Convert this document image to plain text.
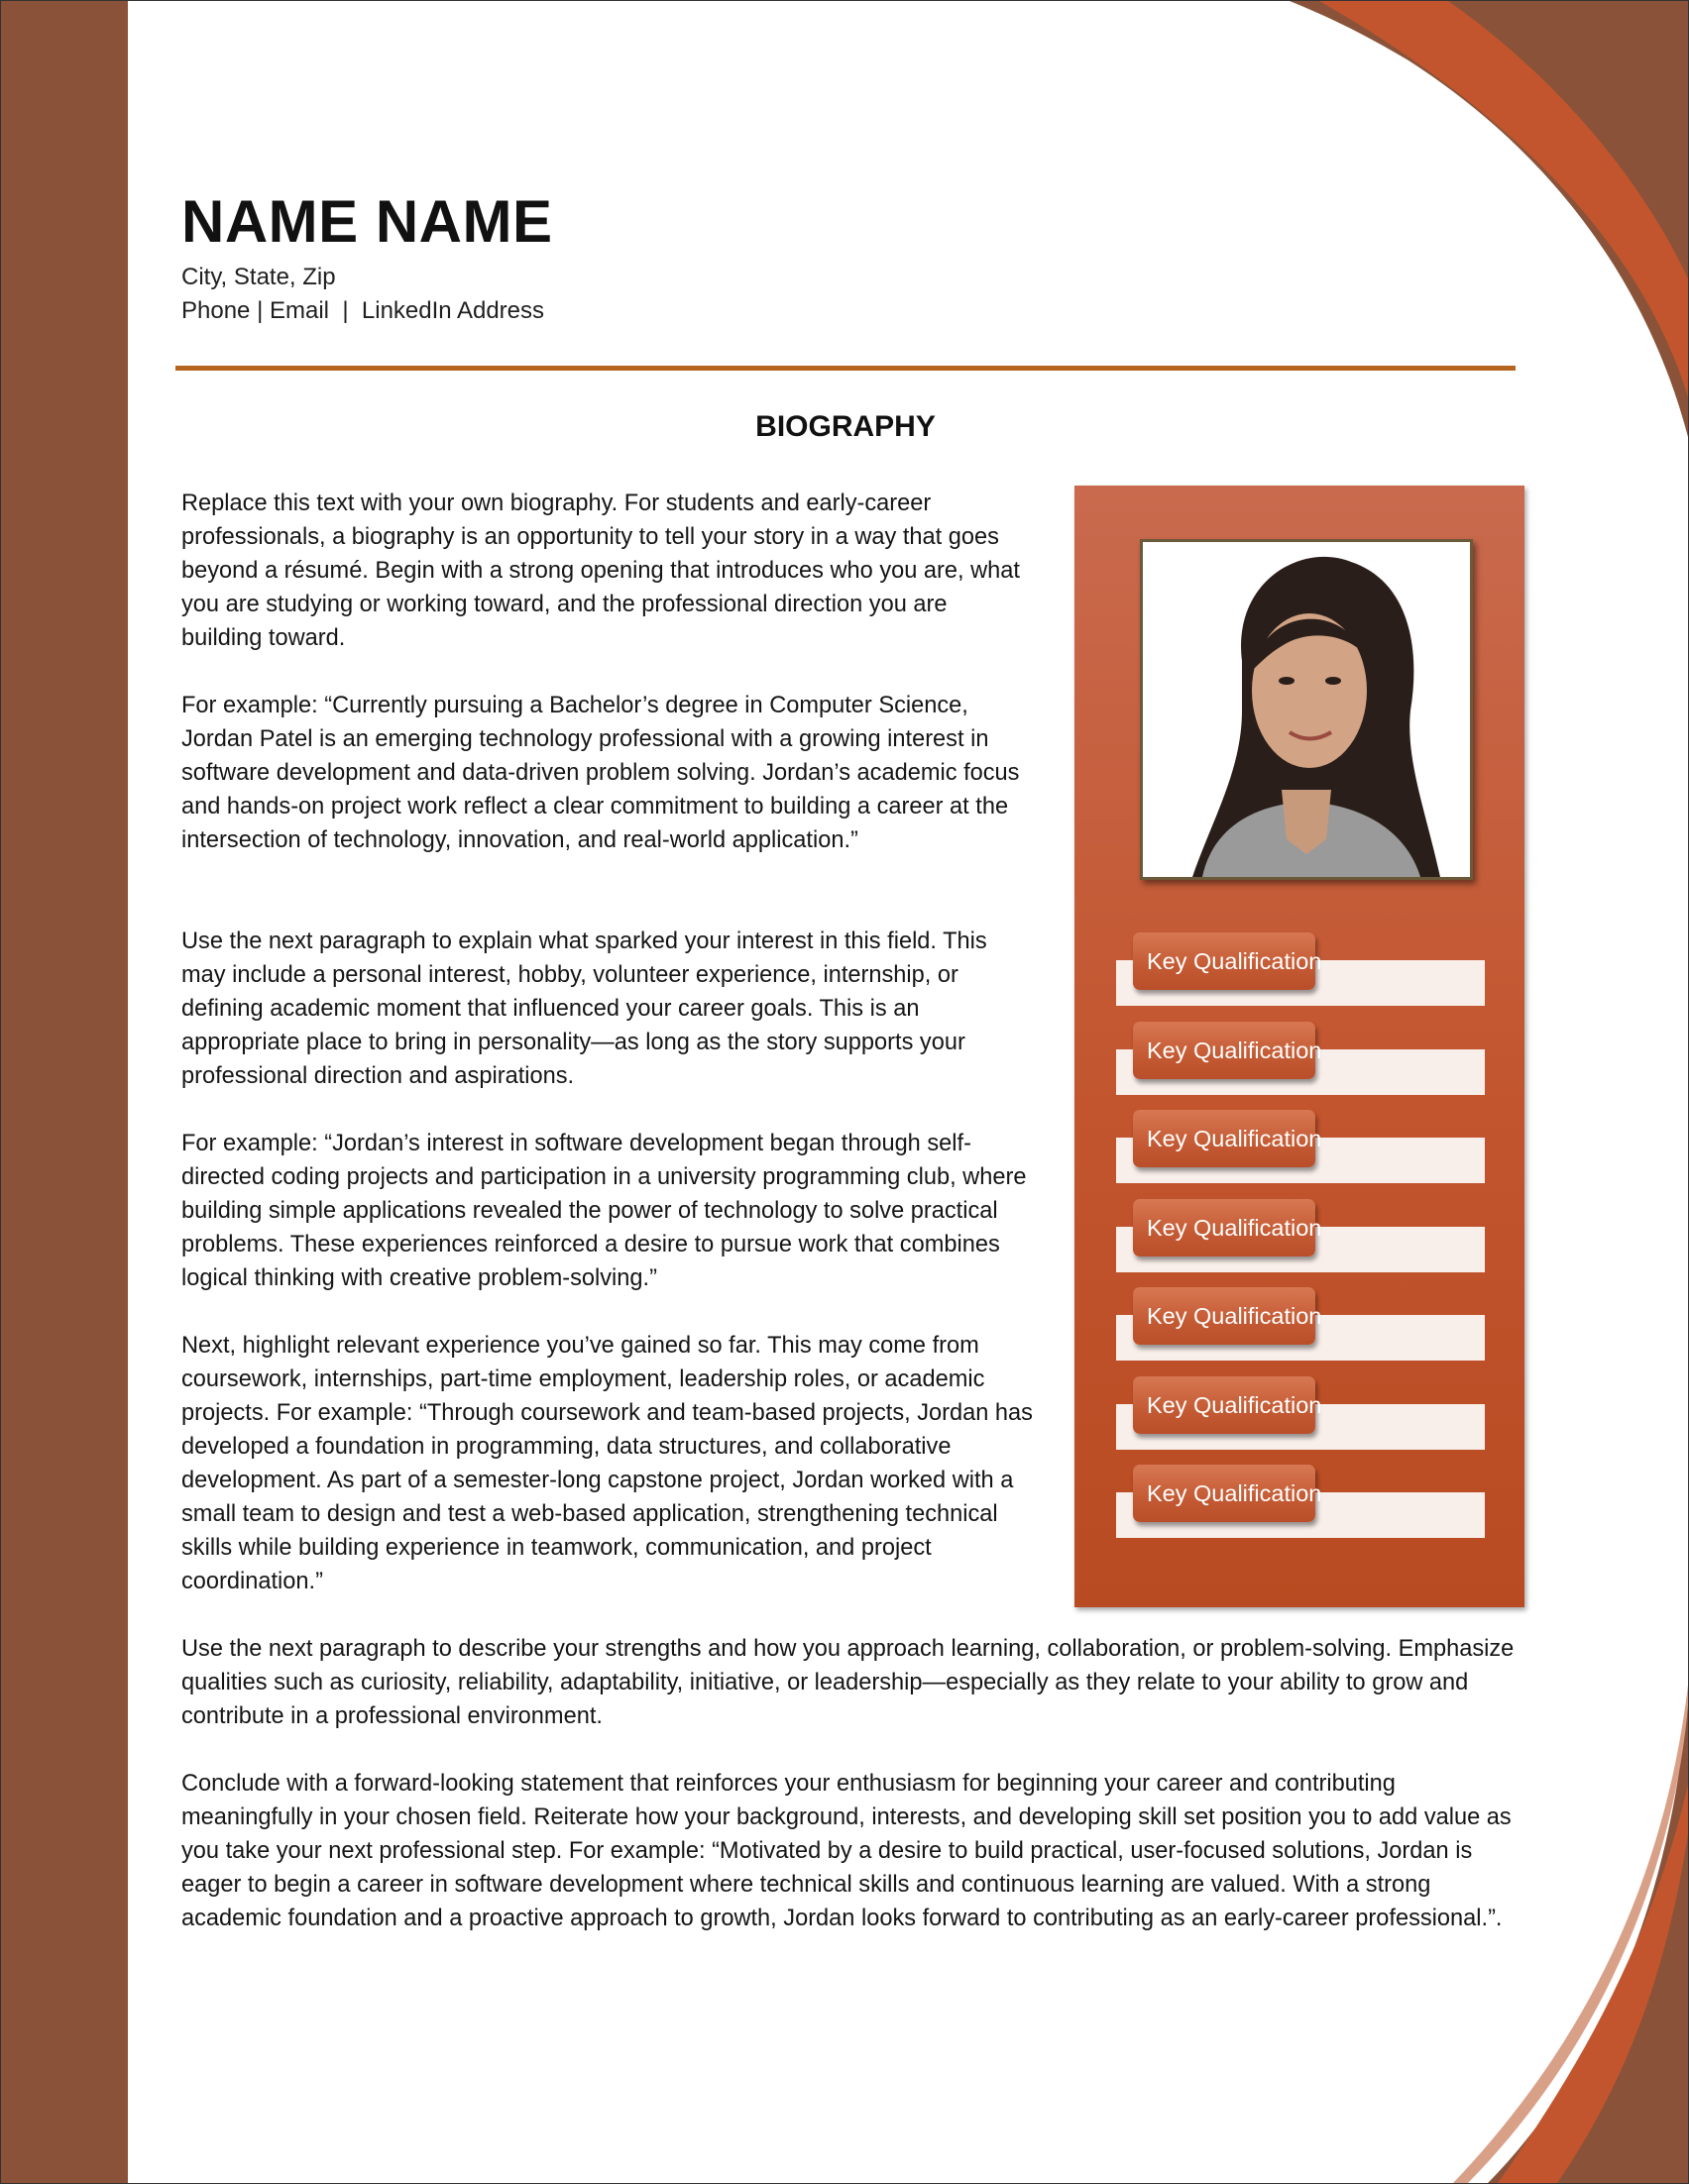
NAME NAME
City, State, Zip
Phone | Email  |  LinkedIn Address
BIOGRAPHY

Replace this text with your own biography. For students and early-career professionals, a biography is an opportunity to tell your story in a way that goes beyond a résumé. Begin with a strong opening that introduces who you are, what you are studying or working toward, and the professional direction you are building toward.

For example: “Currently pursuing a Bachelor’s degree in Computer Science, Jordan Patel is an emerging technology professional with a growing interest in software development and data-driven problem solving. Jordan’s academic focus and hands-on project work reflect a clear commitment to building a career at the intersection of technology, innovation, and real-world application.”

Use the next paragraph to explain what sparked your interest in this field. This may include a personal interest, hobby, volunteer experience, internship, or defining academic moment that influenced your career goals. This is an appropriate place to bring in personality—as long as the story supports your professional direction and aspirations.

For example: “Jordan’s interest in software development began through self-directed coding projects and participation in a university programming club, where building simple applications revealed the power of technology to solve practical problems. These experiences reinforced a desire to pursue work that combines logical thinking with creative problem-solving.”

Next, highlight relevant experience you’ve gained so far. This may come from coursework, internships, part-time employment, leadership roles, or academic projects. For example: “Through coursework and team-based projects, Jordan has developed a foundation in programming, data structures, and collaborative development. As part of a semester-long capstone project, Jordan worked with a small team to design and test a web-based application, strengthening technical skills while building experience in teamwork, communication, and project coordination.”

Use the next paragraph to describe your strengths and how you approach learning, collaboration, or problem-solving. Emphasize qualities such as curiosity, reliability, adaptability, initiative, or leadership—especially as they relate to your ability to grow and contribute in a professional environment.

Conclude with a forward-looking statement that reinforces your enthusiasm for beginning your career and contributing meaningfully in your chosen field. Reiterate how your background, interests, and developing skill set position you to add value as you take your next professional step. For example: “Motivated by a desire to build practical, user-focused solutions, Jordan is eager to begin a career in software development where technical skills and continuous learning are valued. With a strong academic foundation and a proactive approach to growth, Jordan looks forward to contributing as an early-career professional.”.

Key Qualification
Key Qualification
Key Qualification
Key Qualification
Key Qualification
Key Qualification
Key Qualification
